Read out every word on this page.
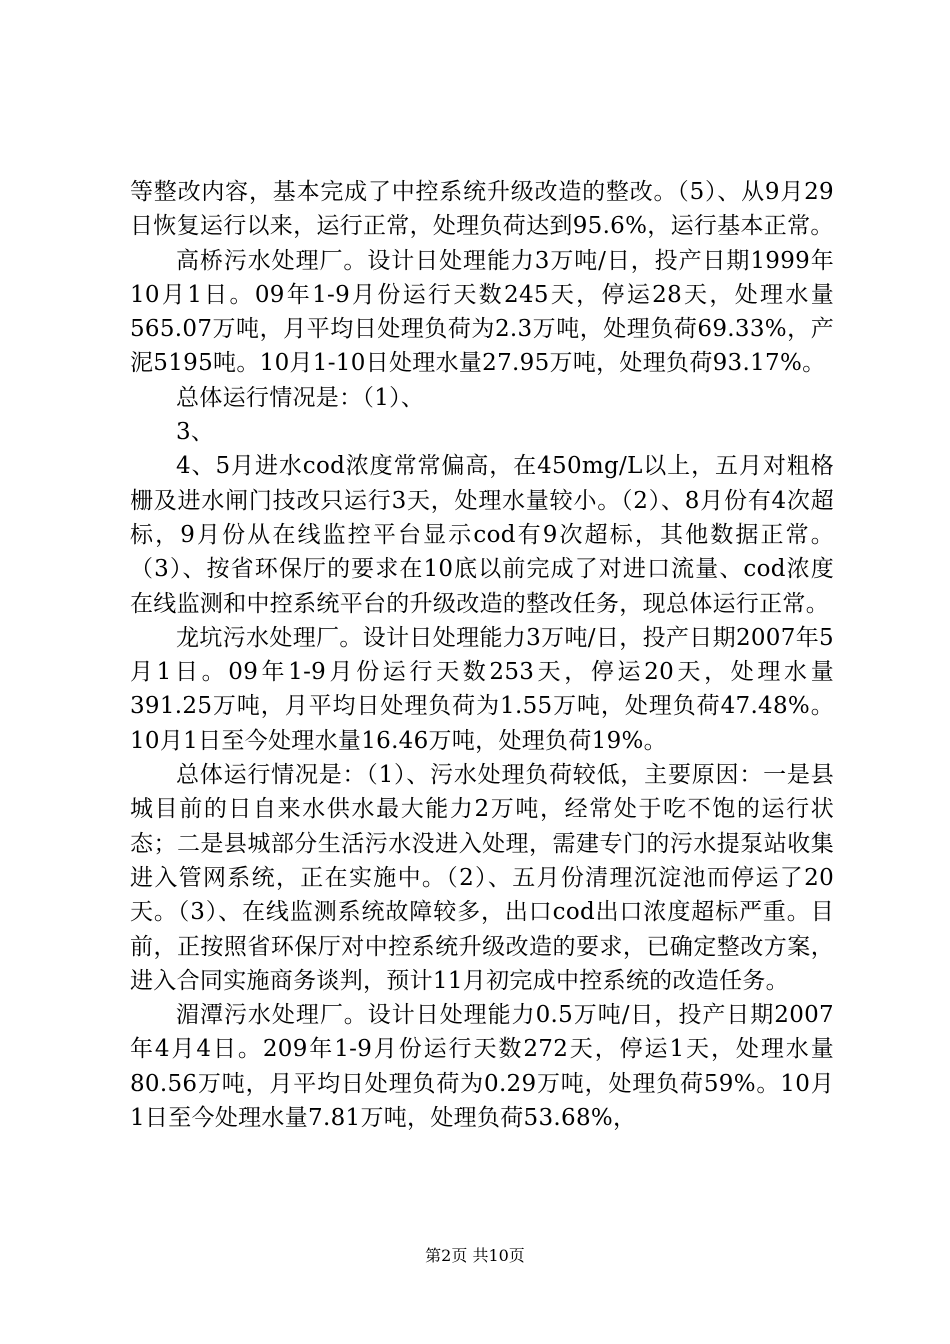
等整改内容，基本完成了中控系统升级改造的整改。（5）、从9月29日恢复运行以来，运行正常，处理负荷达到95.6%，运行基本正常。

高桥污水处理厂。设计日处理能力3万吨/日，投产日期1999年10月1日。09年1-9月份运行天数245天，停运28天，处理水量565.07万吨，月平均日处理负荷为2.3万吨，处理负荷69.33%，产泥5195吨。10月1-10日处理水量27.95万吨，处理负荷93.17%。

总体运行情况是：（1）、

3、

4、5月进水cod浓度常常偏高，在450mg/L以上，五月对粗格栅及进水闸门技改只运行3天，处理水量较小。（2）、8月份有4次超标，9月份从在线监控平台显示cod有9次超标，其他数据正常。（3）、按省环保厅的要求在10底以前完成了对进口流量、cod浓度在线监测和中控系统平台的升级改造的整改任务，现总体运行正常。

龙坑污水处理厂。设计日处理能力3万吨/日，投产日期2007年5月1日。09年1-9月份运行天数253天，停运20天，处理水量391.25万吨，月平均日处理负荷为1.55万吨，处理负荷47.48%。10月1日至今处理水量16.46万吨，处理负荷19%。

总体运行情况是：（1）、污水处理负荷较低，主要原因：一是县城目前的日自来水供水最大能力2万吨，经常处于吃不饱的运行状态；二是县城部分生活污水没进入处理，需建专门的污水提泵站收集进入管网系统，正在实施中。（2）、五月份清理沉淀池而停运了20天。（3）、在线监测系统故障较多，出口cod出口浓度超标严重。目前，正按照省环保厅对中控系统升级改造的要求，已确定整改方案，进入合同实施商务谈判，预计11月初完成中控系统的改造任务。

湄潭污水处理厂。设计日处理能力0.5万吨/日，投产日期2007年4月4日。209年1-9月份运行天数272天，停运1天，处理水量80.56万吨，月平均日处理负荷为0.29万吨，处理负荷59%。10月1日至今处理水量7.81万吨，处理负荷53.68%，

第2页 共10页
